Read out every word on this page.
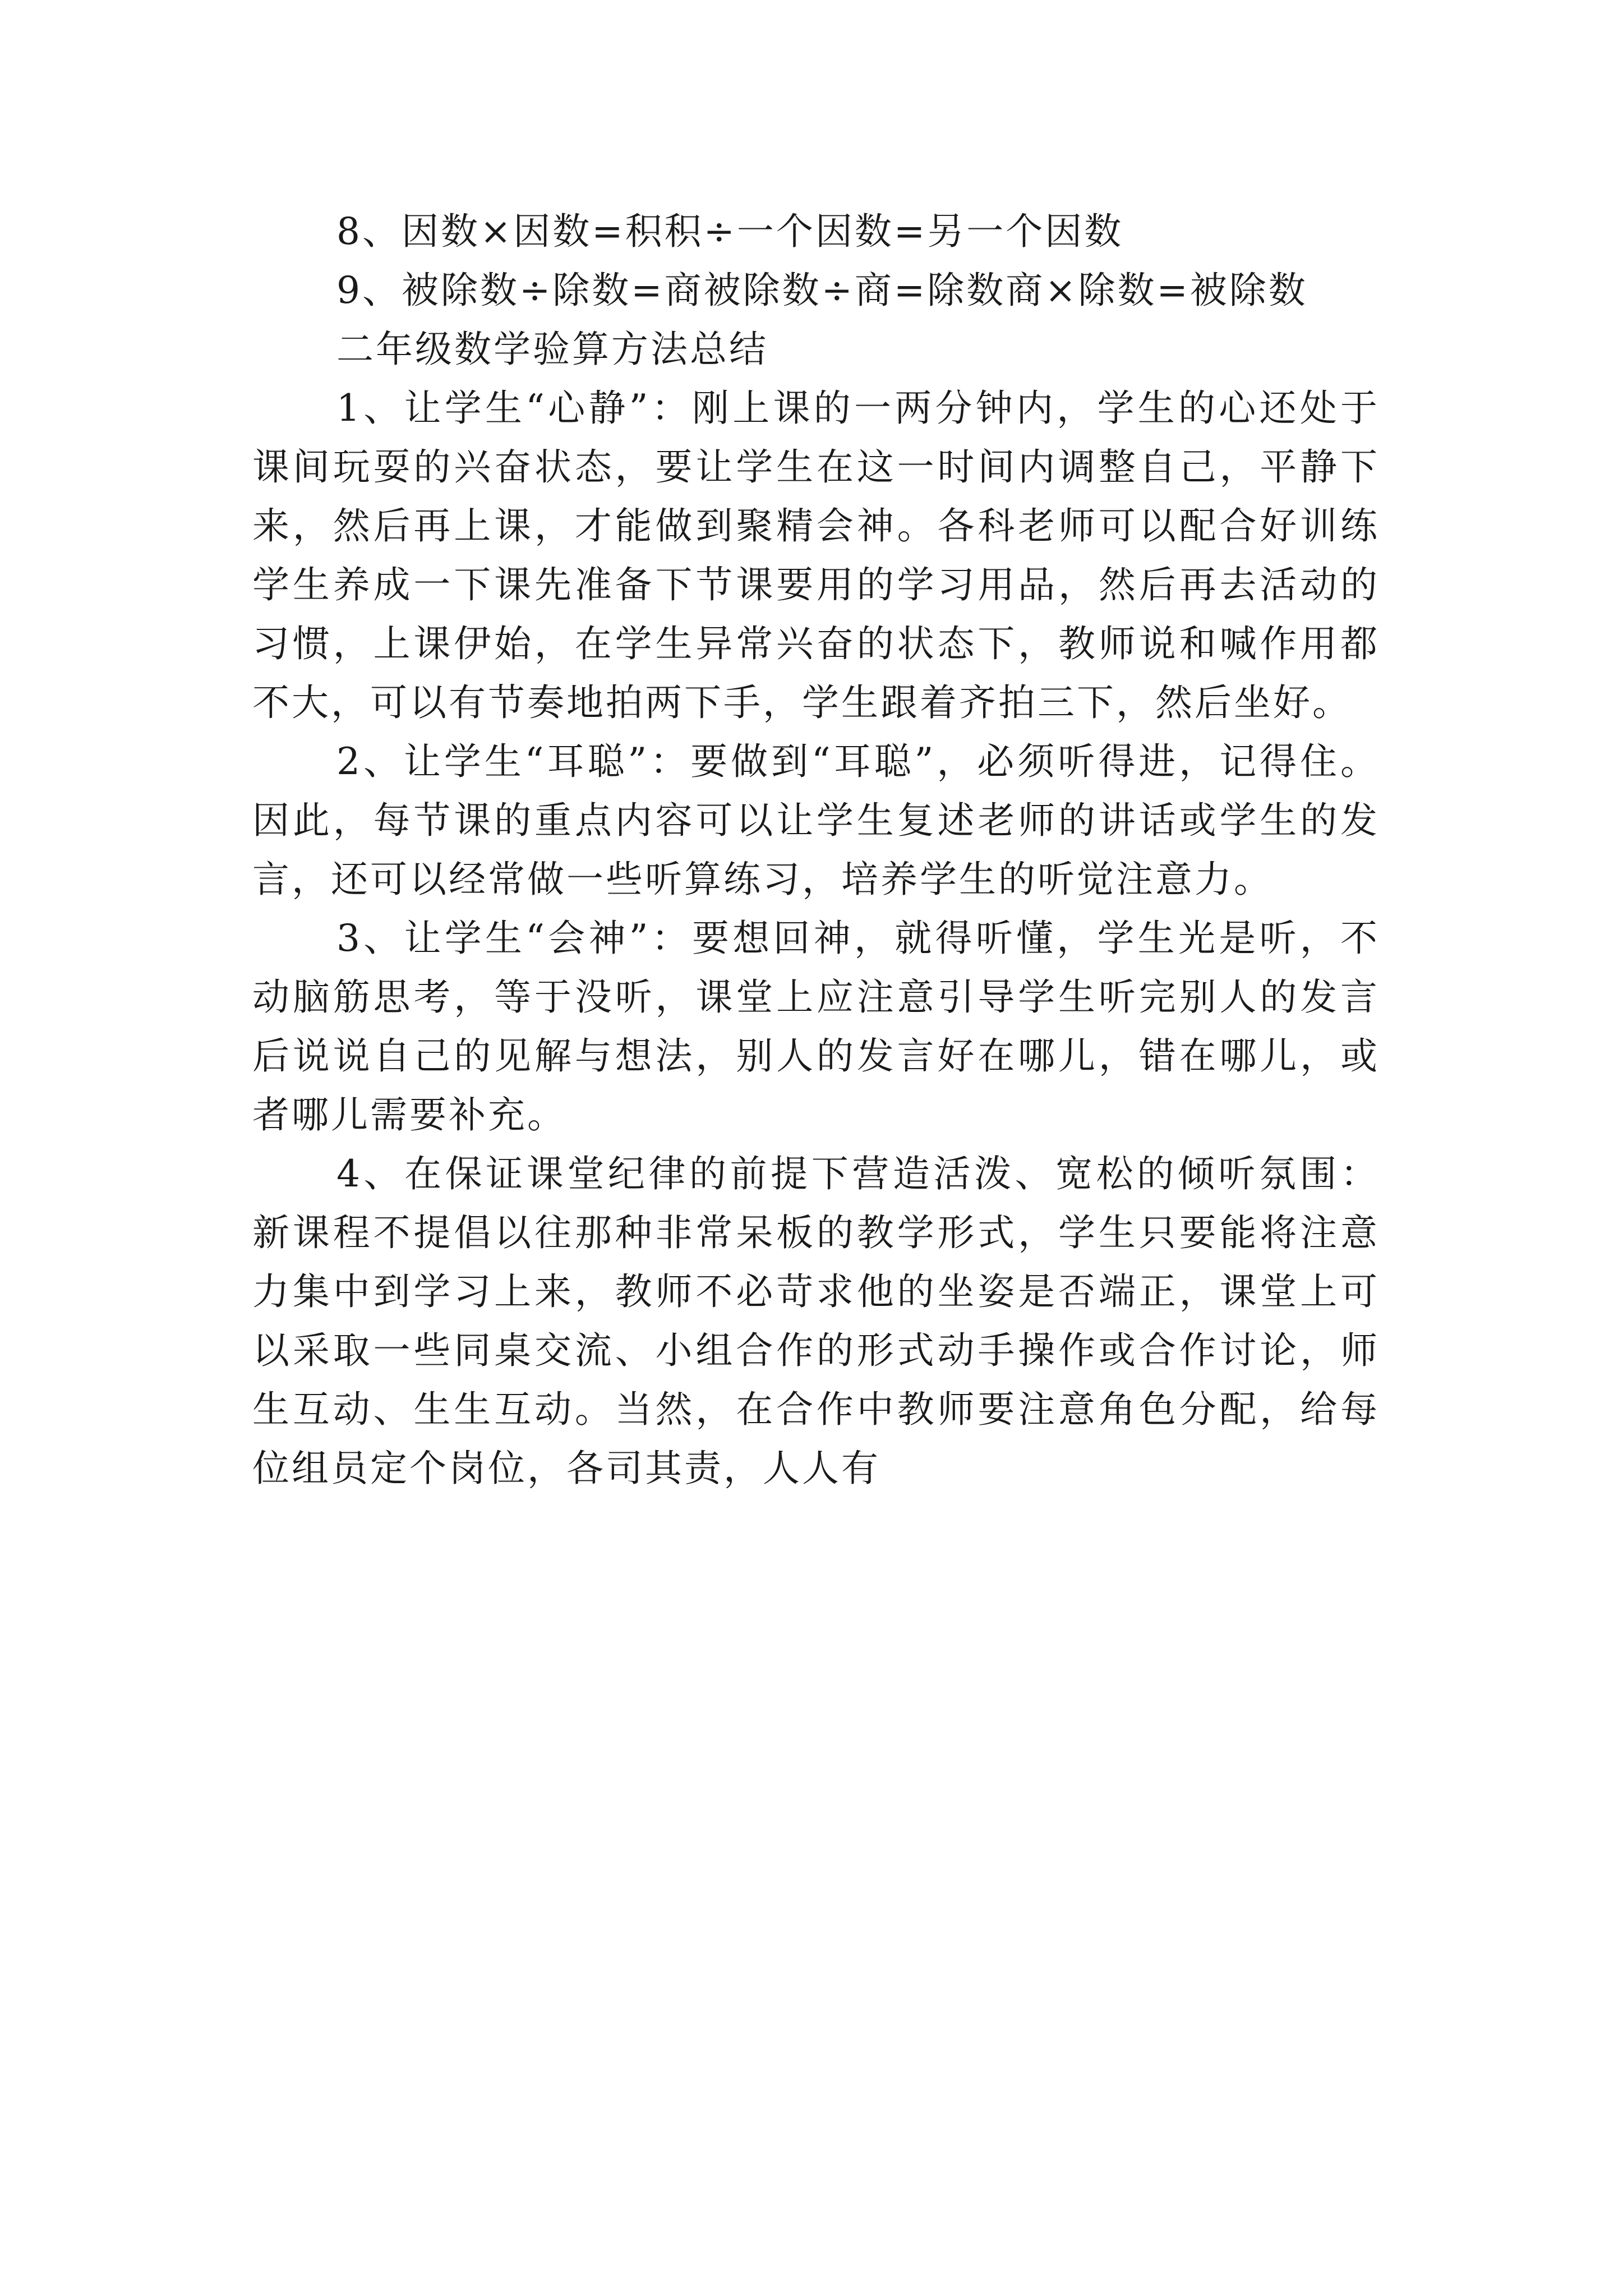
8、因数×因数=积积÷一个因数=另一个因数

9、被除数÷除数=商被除数÷商=除数商×除数=被除数

二年级数学验算方法总结

1、让学生“心静”：刚上课的一两分钟内，学生的心还处于课间玩耍的兴奋状态，要让学生在这一时间内调整自己，平静下来，然后再上课，才能做到聚精会神。各科老师可以配合好训练学生养成一下课先准备下节课要用的学习用品，然后再去活动的习惯，上课伊始，在学生异常兴奋的状态下，教师说和喊作用都不大，可以有节奏地拍两下手，学生跟着齐拍三下，然后坐好。

2、让学生“耳聪”：要做到“耳聪”，必须听得进，记得住。因此，每节课的重点内容可以让学生复述老师的讲话或学生的发言，还可以经常做一些听算练习，培养学生的听觉注意力。

3、让学生“会神”：要想回神，就得听懂，学生光是听，不动脑筋思考，等于没听，课堂上应注意引导学生听完别人的发言后说说自己的见解与想法，别人的发言好在哪儿，错在哪儿，或者哪儿需要补充。

4、在保证课堂纪律的前提下营造活泼、宽松的倾听氛围：新课程不提倡以往那种非常呆板的教学形式，学生只要能将注意力集中到学习上来，教师不必苛求他的坐姿是否端正，课堂上可以采取一些同桌交流、小组合作的形式动手操作或合作讨论，师生互动、生生互动。当然，在合作中教师要注意角色分配，给每位组员定个岗位，各司其责，人人有
